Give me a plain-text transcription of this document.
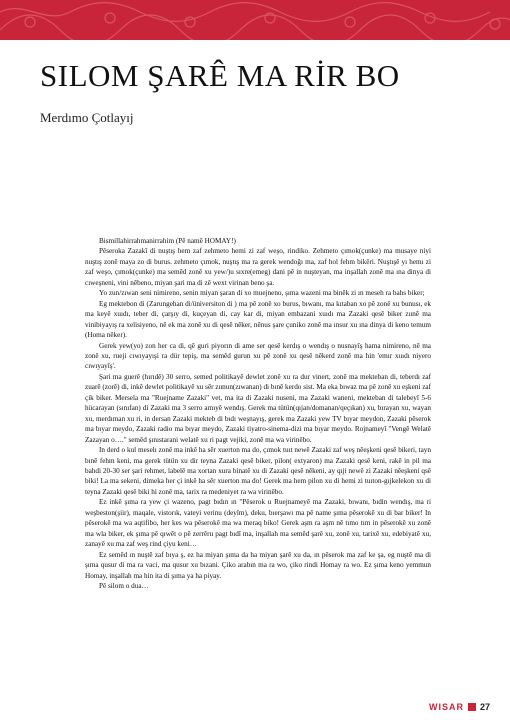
SILOM ŞARÊ MA RİR BO

Merdımo Çotlayıj

Bismillahirrahmanirrahim (Pê namê HOMAY!)

Pêseroka Zazakî di nuştış hem zaf zehmeto hemi zi zaf weşo, rindiko. Zehmeto çımok(çunke) ma musaye niyi nuştış zonê maya zo di burus. zehmeto çımok, nuştış ma ra gerek wendoğı ma, zaf hol fehm bikêri. Nuştışê yı hemı zi zaf weşo, çımok(çunke) ma semêd zonê xu yew/)u sıxre(emeg) dani pê in nuşteyan, ma inşallah zonê ma ına dinya di cıweşneni, vini nêbeno, miyan şari ma di zê wext virinan beno şa.

Yo zun/zıwan seni nimireno, senin miyan şaran di xo muejneno, şıma wazeni ma binêk zi ın meseh ra bahs biker;

Eg mektebon di (Zarungehan di/üniversiton di ) ma pê zonê xo burus, bıwanı, ma kıtaban xo pê zonê xu bunusı, ek ma keyê xuıdı, teber di, çarşıy di, kuçeyan di, cay kar di, miyan embazani xuıdı ma Zazaki qesê biker zunê ma vinibiyayış ra xelisiyeno, nê ek ma zonê xu di qesê nêker, nênus şare çuniko zonê ma ınsur xu ına dinya di keno temum (Homa nêker).

Gerek yew(yo) zon her ca di, qê guri piyorın di ame ser qesê kerdış o wendış o nusnayîş hama nimireno, nê ma zonê xu, rueji cıwıyayışi ra dür tepiş, ma semêd gurun xu pê zonê xu qesê nêkerd zonê ma hin 'emır xuıdı niyero cıwıyayîş'.

Şari ma guerê (hırıdê) 30 serro, semed politikayê dewlet zonê xu ra dur vinert, zonê ma mekteban di, teberdı zaf zuarê (zorê) di, inkê dewlet politikayê xu sêr zunun(zıwanan) di bınê kerdo sist. Ma eka bıwaz ma pê zonê xu eşkeni zaf çik biker. Mersela ma "Ruejname Zazaki" vet, ma ita di Zazaki nuseni, ma Zazaki waneni, mekteban di talebeyî 5-6 hücarayan (sınıfan) di Zazaki ma 3 serro amıyê wendış. Gerek ma tütün(qıjan/domanan/qeçıkan) xu, bırayan xu, wayan xu, merdıman xu ri, in dersan Zazaki mekteb di bıdı weşnayış, gerek ma Zazaki yew TV bıyar meydon, Zazaki pêserok ma bıyar meydo, Zazaki radio ma bıyar meydo, Zazaki tiyatro-sinema-dizi ma bıyar meydo. Rojnameyî "Vengê Welatê Zazayan o…." semêd şınıstarani welatê xu ri pagt vejiki, zonê ma wa virinêbo.

In derd o kul meselı zonê ma inkê ha sêr xuerton ma do, çımok tuıt newê Zazaki zaf weş nêeşkeni qesê bikeri, tayn bınê fehm keni, ma gerek tütün xu dir teyna Zazaki qesê biker, pilon( extyaron) ma Zazaki qesê keni, rakê in pil ma bahdi 20-30 ser şari rehmet, labelê ma xortan xura binatê xu di Zazaki qesê nêkeni, ay qıji newê zi Zazaki nêeşkeni qsê biki! La ma sekeni, dimeka her çi inkê ha sêr xuerton ma do! Gerek ma hem pilon xu di hemi zi tuıton-gıjkelekon xu di teyna Zazaki qesê biki hi zonê ma, tarix ra medeniyet ra wa virinêbo.

Ez inkê şıma ra yew çi wazeno, pagt bıdın ın "Pêserok u Ruejnameyê ma Zazaki, bıwanı, bıdin wendış, ma ri weşbeston(şiir), maqale, vistorık, vateyi verinu (deyîm), deku, bıerşawı ma pê name şıma pêserokê xu di bar biker! In pêserokê ma wa aqtifibo, her kes wa pêserokê ma wa meraq biko! Gerek aşm ra aşm nê tımo tım in pêserokê xu zonê ma wla biker, ek şıma pê qıwêt o pê zerrêru pagt bıdî ma, inşallah ma semêd şarê xu, zonê xu, tarixê xu, edebiyatê xu, zanayê xu ma zaf weş rind çiyu keni…

Ez semêd ın nuştê zaf bıya ş, ez ha miyan şıma da ha miyan şarê xu da, ın pêserok ma zaf ke şa, eg nuştê ma di şıma qusur di ma ra vaci, ma qusur xu bızani. Çiko arabın ma ra wo, çiko rindi Homay ra wo. Ez şıma keno yemmun Homay, inşallah ma hin ita di şıma ya ha piyay.

Pê silom o dua…

WISAR 27
